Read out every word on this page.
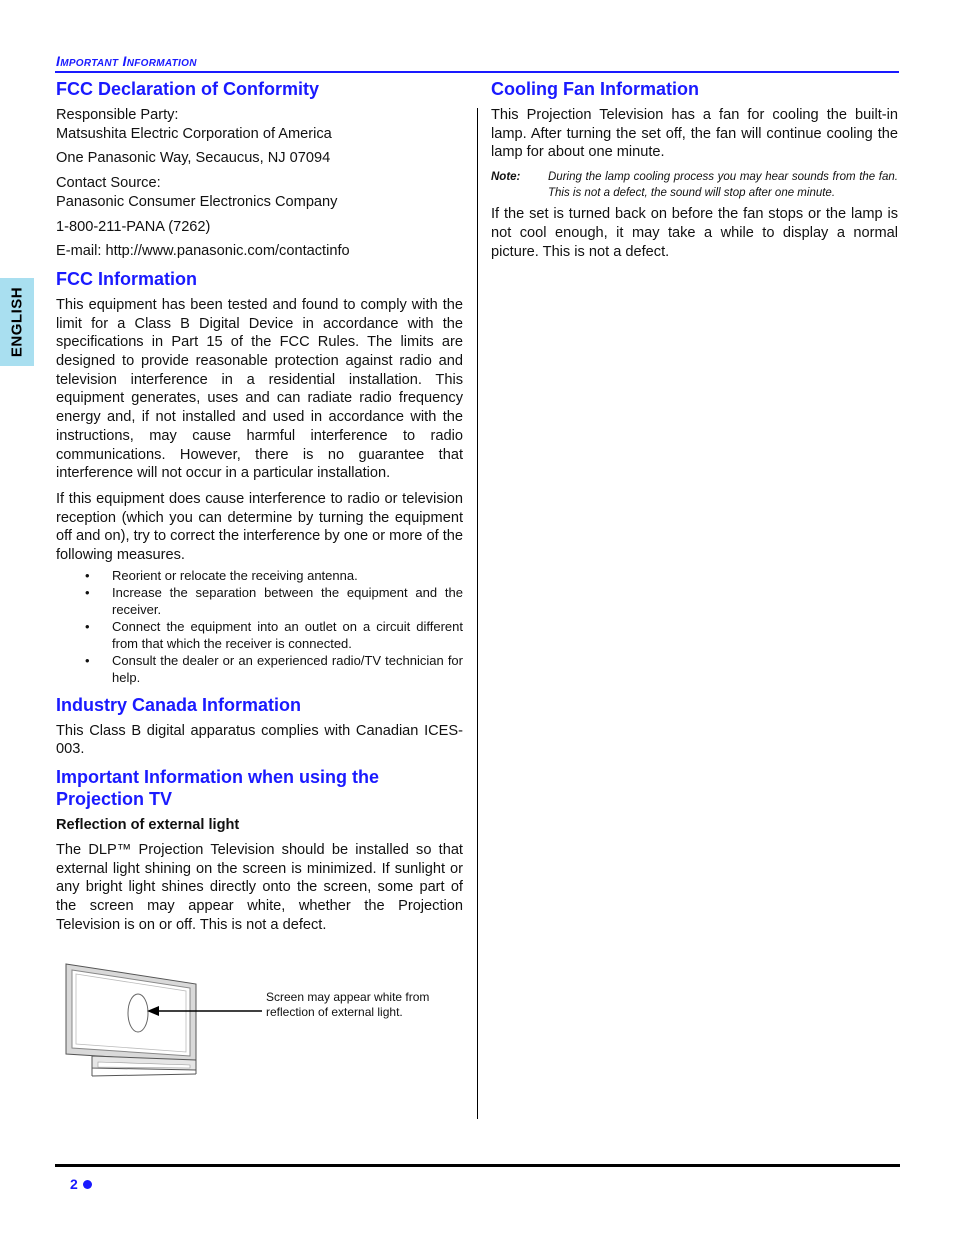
Important Information
ENGLISH
FCC Declaration of Conformity

Responsible Party:

Matsushita Electric Corporation of America

One Panasonic Way, Secaucus, NJ 07094

Contact Source:

Panasonic Consumer Electronics Company

1-800-211-PANA (7262)

E-mail: http://www.panasonic.com/contactinfo

FCC Information

This equipment has been tested and found to comply with the limit for a Class B Digital Device in accordance with the specifications in Part 15 of the FCC Rules. The limits are designed to provide reasonable protection against radio and television interference in a residential installation. This equipment generates, uses and can radiate radio frequency energy and, if not installed and used in accordance with the instructions, may cause harmful interference to radio communications. However, there is no guarantee that interference will not occur in a particular installation.

If this equipment does cause interference to radio or television reception (which you can determine by turning the equipment off and on), try to correct the interference by one or more of the following measures.

• Reorient or relocate the receiving antenna.
• Increase the separation between the equipment and the receiver.
• Connect the equipment into an outlet on a circuit different from that which the receiver is connected.
• Consult the dealer or an experienced radio/TV technician for help.
Industry Canada Information

This Class B digital apparatus complies with Canadian ICES-003.

Important Information when using the Projection TV

Reflection of external light

The DLP™ Projection Television should be installed so that external light shining on the screen is minimized. If sunlight or any bright light shines directly onto the screen, some part of the screen may appear white, whether the Projection Television is on or off. This is not a defect.

Screen may appear white from reflection of external light.
Cooling Fan Information

This Projection Television has a fan for cooling the built-in lamp. After turning the set off, the fan will continue cooling the lamp for about one minute.

Note:	During the lamp cooling process you may hear sounds from the fan. This is not a defect, the sound will stop after one minute.

If the set is turned back on before the fan stops or the lamp is not cool enough, it may take a while to display a normal picture. This is not a defect.

2
